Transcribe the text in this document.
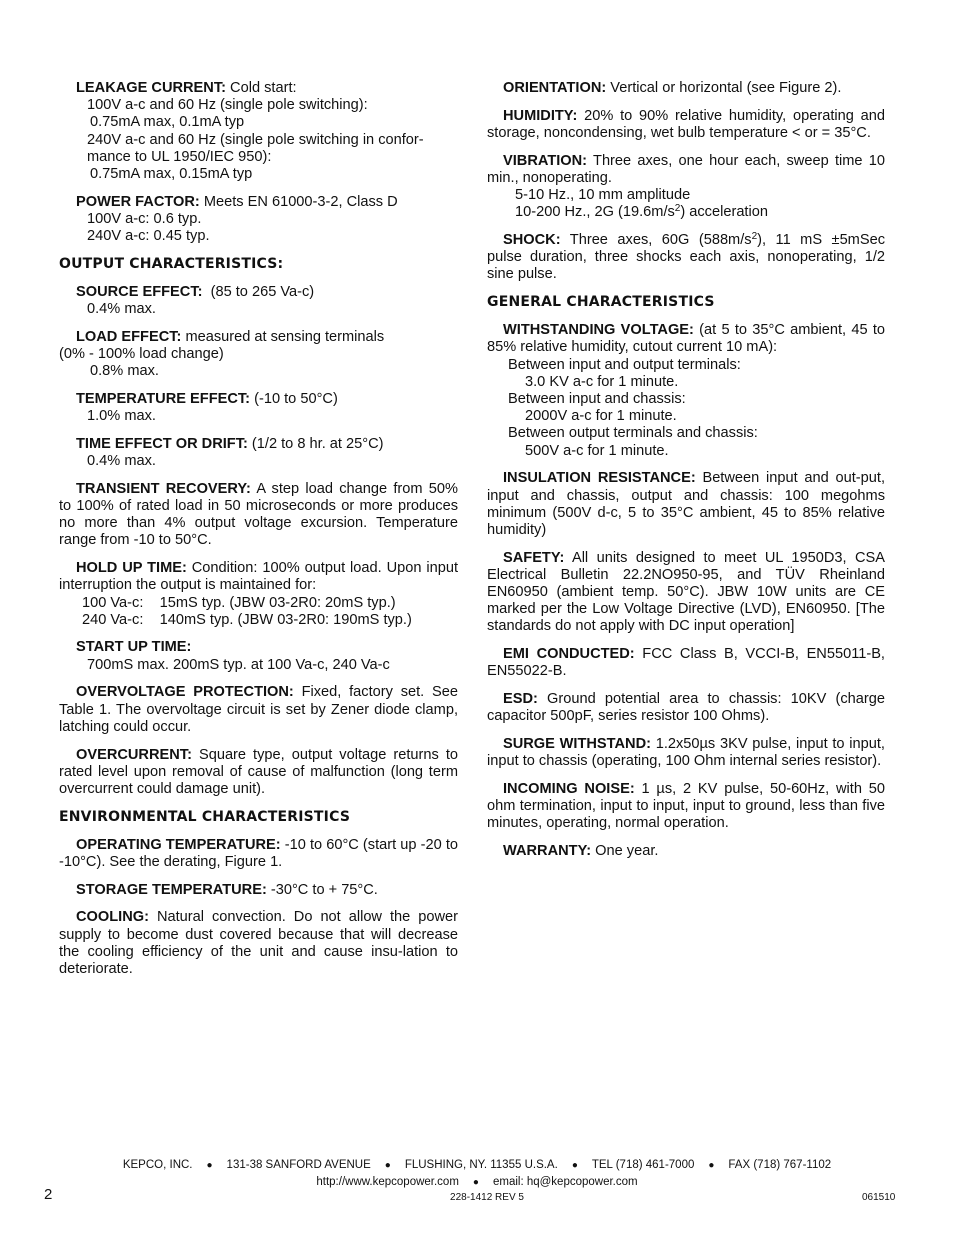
LEAKAGE CURRENT: Cold start:
100V a-c and 60 Hz (single pole switching):
0.75mA max, 0.1mA typ
240V a-c and 60 Hz (single pole switching in confor-
mance to UL 1950/IEC 950):
0.75mA max, 0.15mA typ
POWER FACTOR: Meets EN 61000-3-2, Class D
100V a-c: 0.6 typ.
240V a-c: 0.45 typ.
OUTPUT CHARACTERISTICS:
SOURCE EFFECT:  (85 to 265 Va-c)
0.4% max.
LOAD EFFECT: measured at sensing terminals
(0% - 100% load change)
0.8% max.
TEMPERATURE EFFECT: (-10 to 50°C)
1.0% max.
TIME EFFECT OR DRIFT: (1/2 to 8 hr. at 25°C)
0.4% max.
TRANSIENT RECOVERY: A step load change from 50% to 100% of rated load in 50 microseconds or more produces no more than 4% output voltage excursion. Temperature range from -10 to 50°C.
HOLD UP TIME: Condition: 100% output load. Upon input interruption the output is maintained for:
100 Va-c:    15mS typ. (JBW 03-2R0: 20mS typ.)
240 Va-c:    140mS typ. (JBW 03-2R0: 190mS typ.)
START UP TIME:
700mS max. 200mS typ. at 100 Va-c, 240 Va-c
OVERVOLTAGE PROTECTION: Fixed, factory set. See Table 1. The overvoltage circuit is set by Zener diode clamp, latching could occur.
OVERCURRENT: Square type, output voltage returns to rated level upon removal of cause of malfunction (long term overcurrent could damage unit).
ENVIRONMENTAL CHARACTERISTICS
OPERATING TEMPERATURE: -10 to 60°C (start up -20 to -10°C). See the derating, Figure 1.
STORAGE TEMPERATURE: -30°C to + 75°C.
COOLING: Natural convection. Do not allow the power supply to become dust covered because that will decrease the cooling efficiency of the unit and cause insu-lation to deteriorate.
ORIENTATION: Vertical or horizontal (see Figure 2).
HUMIDITY: 20% to 90% relative humidity, operating and storage, noncondensing, wet bulb temperature < or = 35°C.
VIBRATION: Three axes, one hour each, sweep time 10 min., nonoperating.
5-10 Hz., 10 mm amplitude
10-200 Hz., 2G $(19.6m/s^2)$ acceleration
SHOCK: Three axes, 60G $(588m/s^2)$, 11 mS ±5mSec pulse duration, three shocks each axis, nonoperating, 1/2 sine pulse.
GENERAL CHARACTERISTICS
WITHSTANDING VOLTAGE: (at 5 to 35°C ambient, 45 to 85% relative humidity, cutout current 10 mA):
Between input and output terminals:
3.0 KV a-c for 1 minute.
Between input and chassis:
2000V a-c for 1 minute.
Between output terminals and chassis:
500V a-c for 1 minute.
INSULATION RESISTANCE: Between input and out-put, input and chassis, output and chassis: 100 megohms minimum (500V d-c, 5 to 35°C ambient, 45 to 85% relative humidity)
SAFETY: All units designed to meet UL 1950D3, CSA Electrical Bulletin 22.2NO950-95, and TÜV Rheinland EN60950 (ambient temp. 50°C). JBW 10W units are CE marked per the Low Voltage Directive (LVD), EN60950. [The standards do not apply with DC input operation]
EMI CONDUCTED: FCC Class B, VCCI-B, EN55011-B, EN55022-B.
ESD: Ground potential area to chassis: 10KV (charge capacitor 500pF, series resistor 100 Ohms).
SURGE WITHSTAND: 1.2x50µs 3KV pulse, input to input, input to chassis (operating, 100 Ohm internal series resistor).
INCOMING NOISE: 1 µs, 2 KV pulse, 50-60Hz, with 50 ohm termination, input to input, input to ground, less than five minutes, operating, normal operation.
WARRANTY: One year.
KEPCO, INC. ● 131-38 SANFORD AVENUE ● FLUSHING, NY. 11355 U.S.A. ● TEL (718) 461-7000 ● FAX (718) 767-1102
http://www.kepcopower.com ● email: hq@kepcopower.com
2	228-1412 REV 5	061510
